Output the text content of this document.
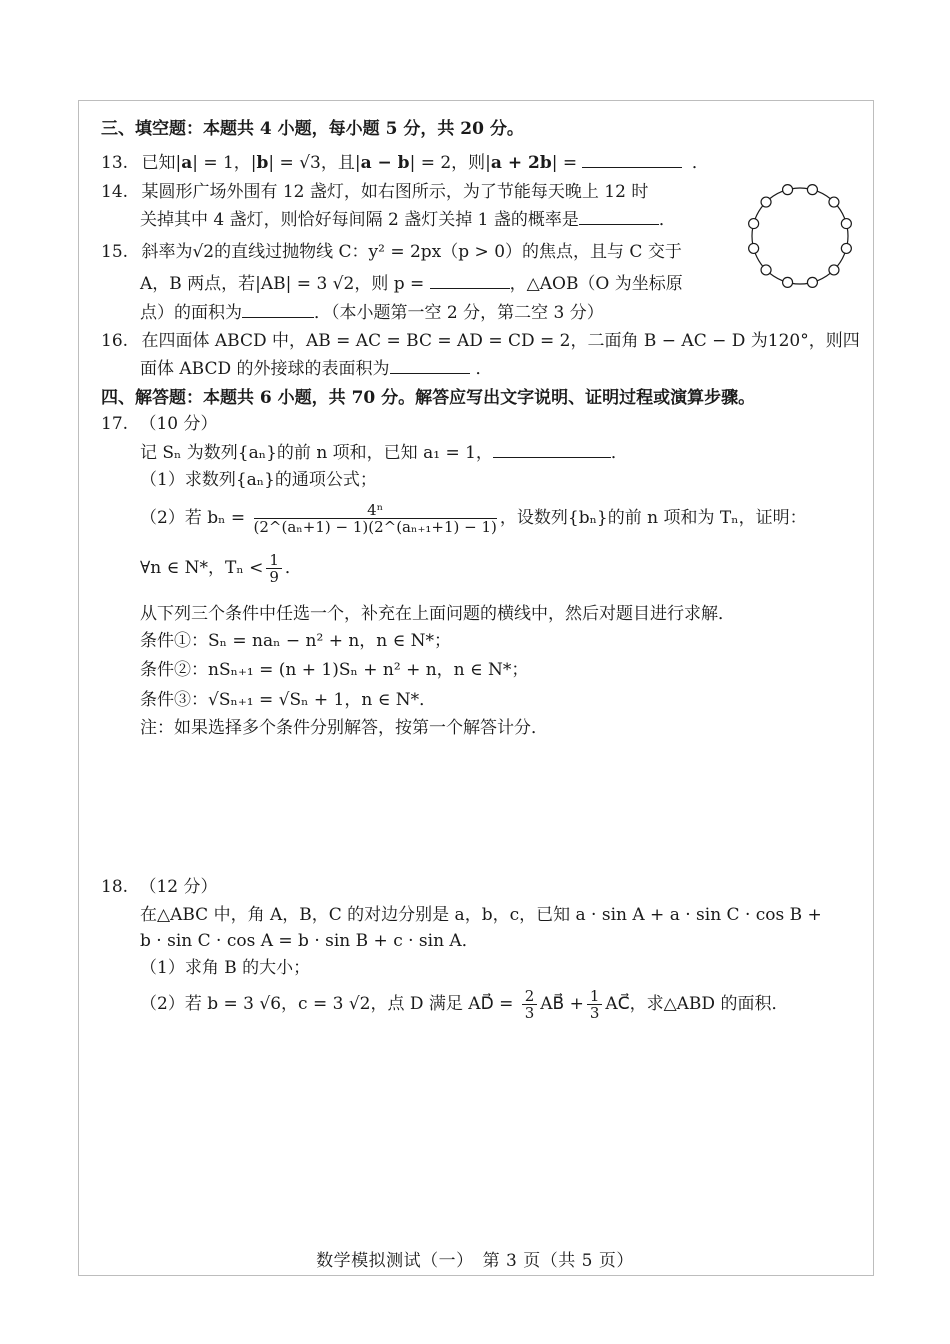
三、填空题：本题共 4 小题，每小题 5 分，共 20 分。
13. 已知|a| = 1，|b| = √3，且|a − b| = 2，则|a + 2b| =	．
14. 某圆形广场外围有 12 盏灯，如右图所示，为了节能每天晚上 12 时
关掉其中 4 盏灯，则恰好每间隔 2 盏灯关掉 1 盏的概率是	．
15. 斜率为√2的直线过抛物线 C：y² = 2px（p > 0）的焦点，且与 C 交于
A，B 两点，若|AB| = 3 √2，则 p =	，△AOB（O 为坐标原
点）的面积为	．（本小题第一空 2 分，第二空 3 分）
16. 在四面体 ABCD 中，AB = AC = BC = AD = CD = 2，二面角 B − AC − D 为120°，则四
面体 ABCD 的外接球的表面积为	．
四、解答题：本题共 6 小题，共 70 分。解答应写出文字说明、证明过程或演算步骤。
17. （10 分）
记 Sₙ 为数列{aₙ}的前 n 项和，已知 a₁ = 1，	．
（1）求数列{aₙ}的通项公式；
（2）若 $b_n = \frac{\text{4ⁿ}}{\text{(2\textasciicircum{}(aₙ+1) − 1)(2\textasciicircum{}(aₙ₊₁+1) − 1)}}$ ，设数列{bₙ}的前 n 项和为 Tₙ，证明：
∀n ∈ N*，$T_n < \frac{1}{9}$ ．
从下列三个条件中任选一个，补充在上面问题的横线中，然后对题目进行求解．
条件①：Sₙ = naₙ − n² + n，n ∈ N*；
条件②：nSₙ₊₁ = (n + 1)Sₙ + n² + n，n ∈ N*；
条件③：√Sₙ₊₁ = √Sₙ + 1，n ∈ N*．
注：如果选择多个条件分别解答，按第一个解答计分．
18. （12 分）
在△ABC 中，角 A，B，C 的对边分别是 a，b，c，已知 a · sin A + a · sin C · cos B +
b · sin C · cos A = b · sin B + c · sin A．
（1）求角 B 的大小；
（2）若 b = 3 √6，c = 3 √2，点 D 满足 AD⃗ = $\frac{2}{3}$ AB⃗ + $\frac{1}{3}$ AC⃗，求△ABD 的面积．
数学模拟测试（一）　第 3 页（共 5 页）
